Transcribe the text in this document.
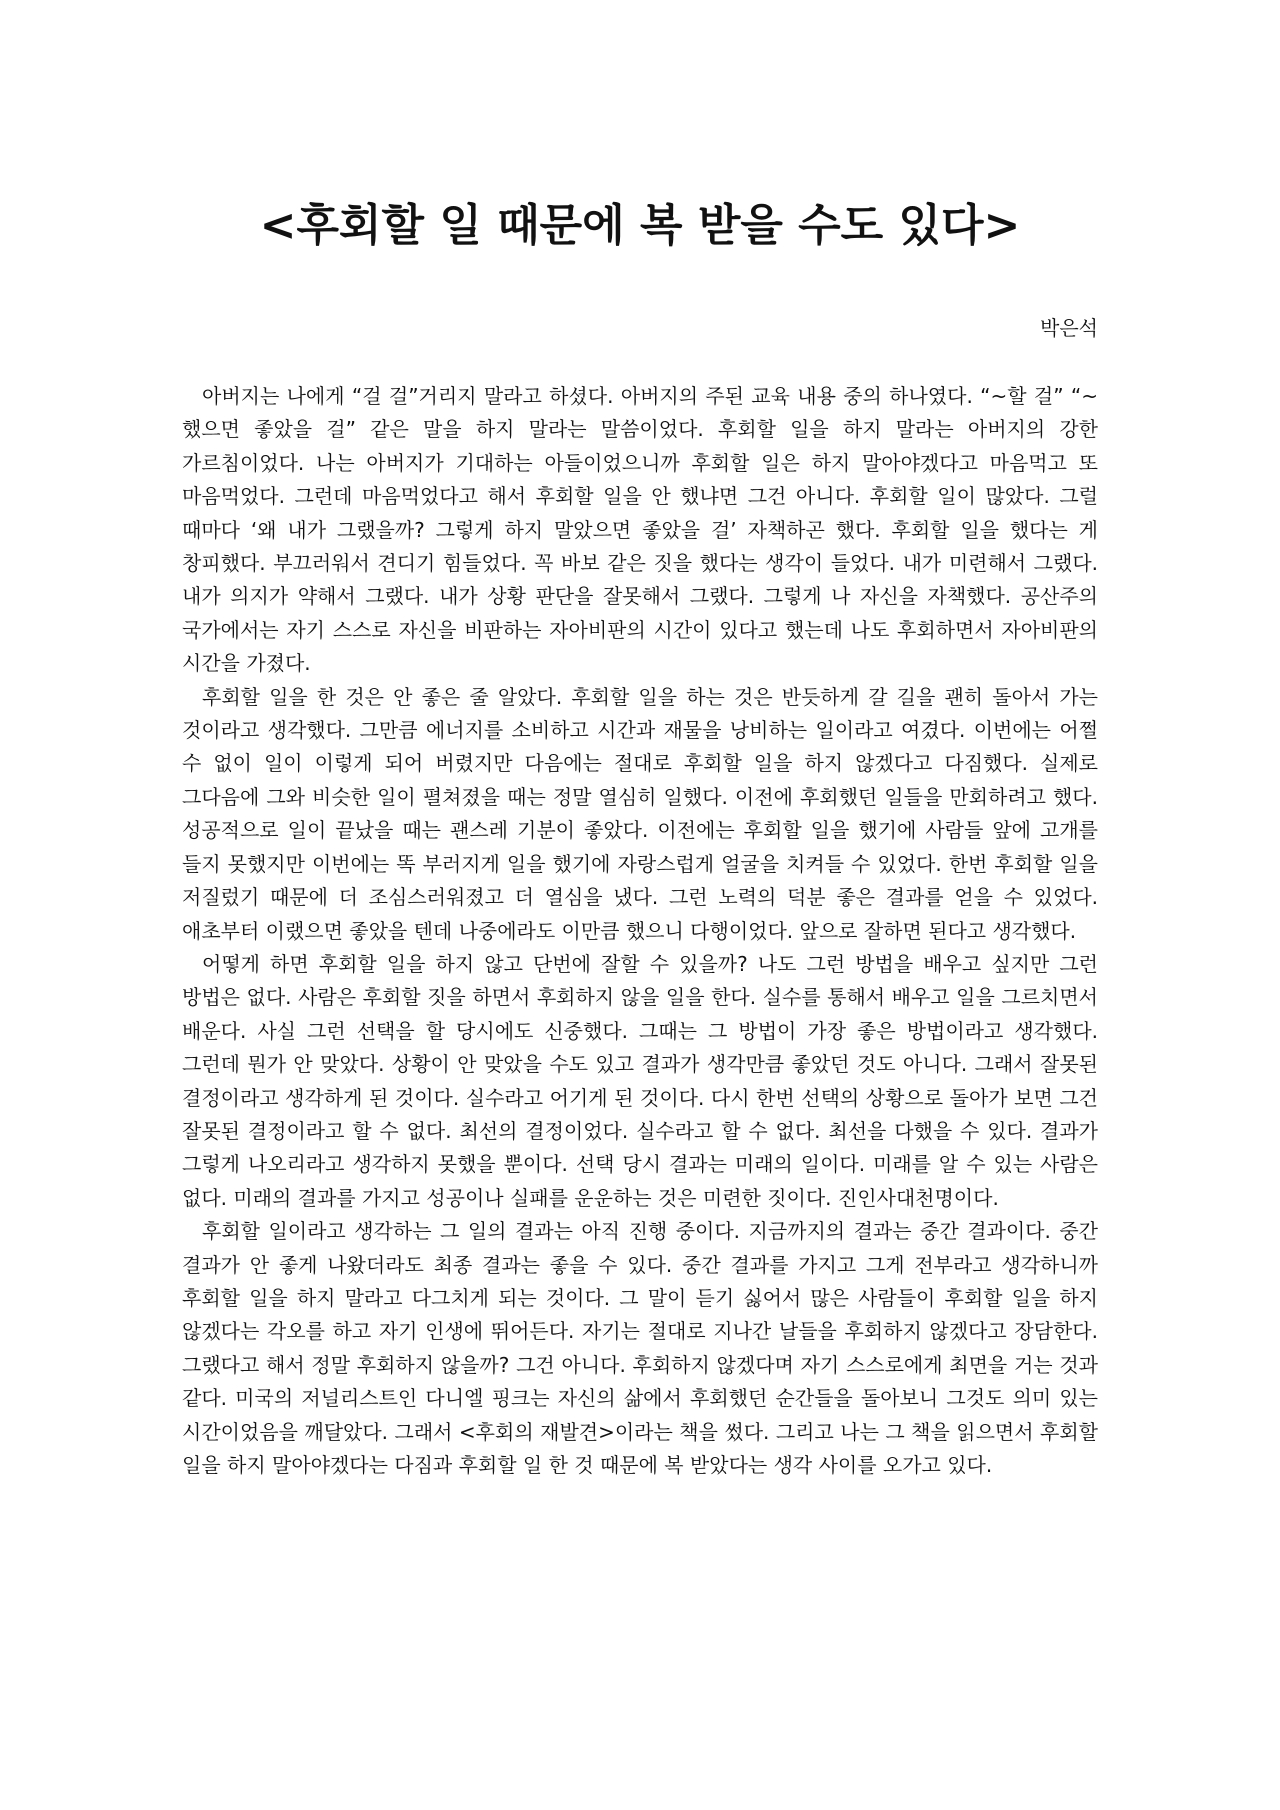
<후회할 일 때문에 복 받을 수도 있다>

박은석

아버지는 나에게 “걸 걸”거리지 말라고 하셨다. 아버지의 주된 교육 내용 중의 하나였다. “~할 걸” “~했으면 좋았을 걸” 같은 말을 하지 말라는 말씀이었다. 후회할 일을 하지 말라는 아버지의 강한 가르침이었다. 나는 아버지가 기대하는 아들이었으니까 후회할 일은 하지 말아야겠다고 마음먹고 또 마음먹었다. 그런데 마음먹었다고 해서 후회할 일을 안 했냐면 그건 아니다. 후회할 일이 많았다. 그럴 때마다 ‘왜 내가 그랬을까? 그렇게 하지 말았으면 좋았을 걸’ 자책하곤 했다. 후회할 일을 했다는 게 창피했다. 부끄러워서 견디기 힘들었다. 꼭 바보 같은 짓을 했다는 생각이 들었다. 내가 미련해서 그랬다. 내가 의지가 약해서 그랬다. 내가 상황 판단을 잘못해서 그랬다. 그렇게 나 자신을 자책했다. 공산주의 국가에서는 자기 스스로 자신을 비판하는 자아비판의 시간이 있다고 했는데 나도 후회하면서 자아비판의 시간을 가졌다.

후회할 일을 한 것은 안 좋은 줄 알았다. 후회할 일을 하는 것은 반듯하게 갈 길을 괜히 돌아서 가는 것이라고 생각했다. 그만큼 에너지를 소비하고 시간과 재물을 낭비하는 일이라고 여겼다. 이번에는 어쩔 수 없이 일이 이렇게 되어 버렸지만 다음에는 절대로 후회할 일을 하지 않겠다고 다짐했다. 실제로 그다음에 그와 비슷한 일이 펼쳐졌을 때는 정말 열심히 일했다. 이전에 후회했던 일들을 만회하려고 했다. 성공적으로 일이 끝났을 때는 괜스레 기분이 좋았다. 이전에는 후회할 일을 했기에 사람들 앞에 고개를 들지 못했지만 이번에는 똑 부러지게 일을 했기에 자랑스럽게 얼굴을 치켜들 수 있었다. 한번 후회할 일을 저질렀기 때문에 더 조심스러워졌고 더 열심을 냈다. 그런 노력의 덕분 좋은 결과를 얻을 수 있었다. 애초부터 이랬으면 좋았을 텐데 나중에라도 이만큼 했으니 다행이었다. 앞으로 잘하면 된다고 생각했다.

어떻게 하면 후회할 일을 하지 않고 단번에 잘할 수 있을까? 나도 그런 방법을 배우고 싶지만 그런 방법은 없다. 사람은 후회할 짓을 하면서 후회하지 않을 일을 한다. 실수를 통해서 배우고 일을 그르치면서 배운다. 사실 그런 선택을 할 당시에도 신중했다. 그때는 그 방법이 가장 좋은 방법이라고 생각했다. 그런데 뭔가 안 맞았다. 상황이 안 맞았을 수도 있고 결과가 생각만큼 좋았던 것도 아니다. 그래서 잘못된 결정이라고 생각하게 된 것이다. 실수라고 어기게 된 것이다. 다시 한번 선택의 상황으로 돌아가 보면 그건 잘못된 결정이라고 할 수 없다. 최선의 결정이었다. 실수라고 할 수 없다. 최선을 다했을 수 있다. 결과가 그렇게 나오리라고 생각하지 못했을 뿐이다. 선택 당시 결과는 미래의 일이다. 미래를 알 수 있는 사람은 없다. 미래의 결과를 가지고 성공이나 실패를 운운하는 것은 미련한 짓이다. 진인사대천명이다.

후회할 일이라고 생각하는 그 일의 결과는 아직 진행 중이다. 지금까지의 결과는 중간 결과이다. 중간 결과가 안 좋게 나왔더라도 최종 결과는 좋을 수 있다. 중간 결과를 가지고 그게 전부라고 생각하니까 후회할 일을 하지 말라고 다그치게 되는 것이다. 그 말이 듣기 싫어서 많은 사람들이 후회할 일을 하지 않겠다는 각오를 하고 자기 인생에 뛰어든다. 자기는 절대로 지나간 날들을 후회하지 않겠다고 장담한다. 그랬다고 해서 정말 후회하지 않을까? 그건 아니다. 후회하지 않겠다며 자기 스스로에게 최면을 거는 것과 같다. 미국의 저널리스트인 다니엘 핑크는 자신의 삶에서 후회했던 순간들을 돌아보니 그것도 의미 있는 시간이었음을 깨달았다. 그래서 <후회의 재발견>이라는 책을 썼다. 그리고 나는 그 책을 읽으면서 후회할 일을 하지 말아야겠다는 다짐과 후회할 일 한 것 때문에 복 받았다는 생각 사이를 오가고 있다.
